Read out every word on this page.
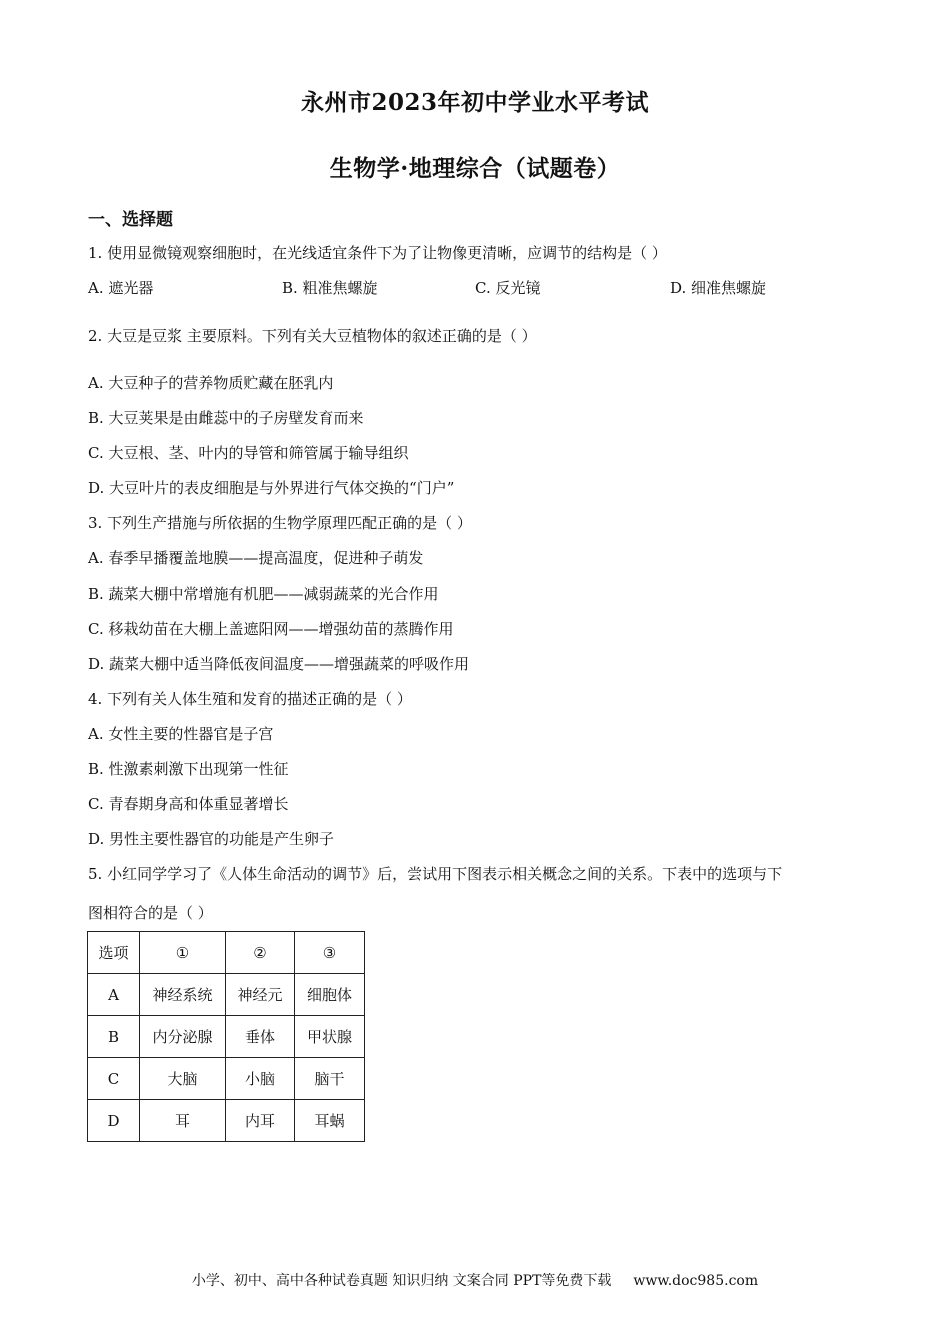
永州市2023年初中学业水平考试
生物学·地理综合（试题卷）
一、选择题
1. 使用显微镜观察细胞时，在光线适宜条件下为了让物像更清晰，应调节的结构是（ ）
A. 遮光器	B. 粗准焦螺旋	C. 反光镜	D. 细准焦螺旋
2. 大豆是豆浆 主要原料。下列有关大豆植物体的叙述正确的是（ ）
A. 大豆种子的营养物质贮藏在胚乳内
B. 大豆荚果是由雌蕊中的子房壁发育而来
C. 大豆根、茎、叶内的导管和筛管属于输导组织
D. 大豆叶片的表皮细胞是与外界进行气体交换的“门户”
3. 下列生产措施与所依据的生物学原理匹配正确的是（ ）
A. 春季早播覆盖地膜——提高温度，促进种子萌发
B. 蔬菜大棚中常增施有机肥——减弱蔬菜的光合作用
C. 移栽幼苗在大棚上盖遮阳网——增强幼苗的蒸腾作用
D. 蔬菜大棚中适当降低夜间温度——增强蔬菜的呼吸作用
4. 下列有关人体生殖和发育的描述正确的是（ ）
A. 女性主要的性器官是子宫
B. 性激素刺激下出现第一性征
C. 青春期身高和体重显著增长
D. 男性主要性器官的功能是产生卵子
5. 小红同学学习了《人体生命活动的调节》后，尝试用下图表示相关概念之间的关系。下表中的选项与下
图相符合的是（ ）
选项	①	②	③
A	神经系统	神经元	细胞体
B	内分泌腺	垂体	甲状腺
C	大脑	小脑	脑干
D	耳	内耳	耳蜗
小学、初中、高中各种试卷真题 知识归纳 文案合同 PPT等免费下载 www.doc985.com
